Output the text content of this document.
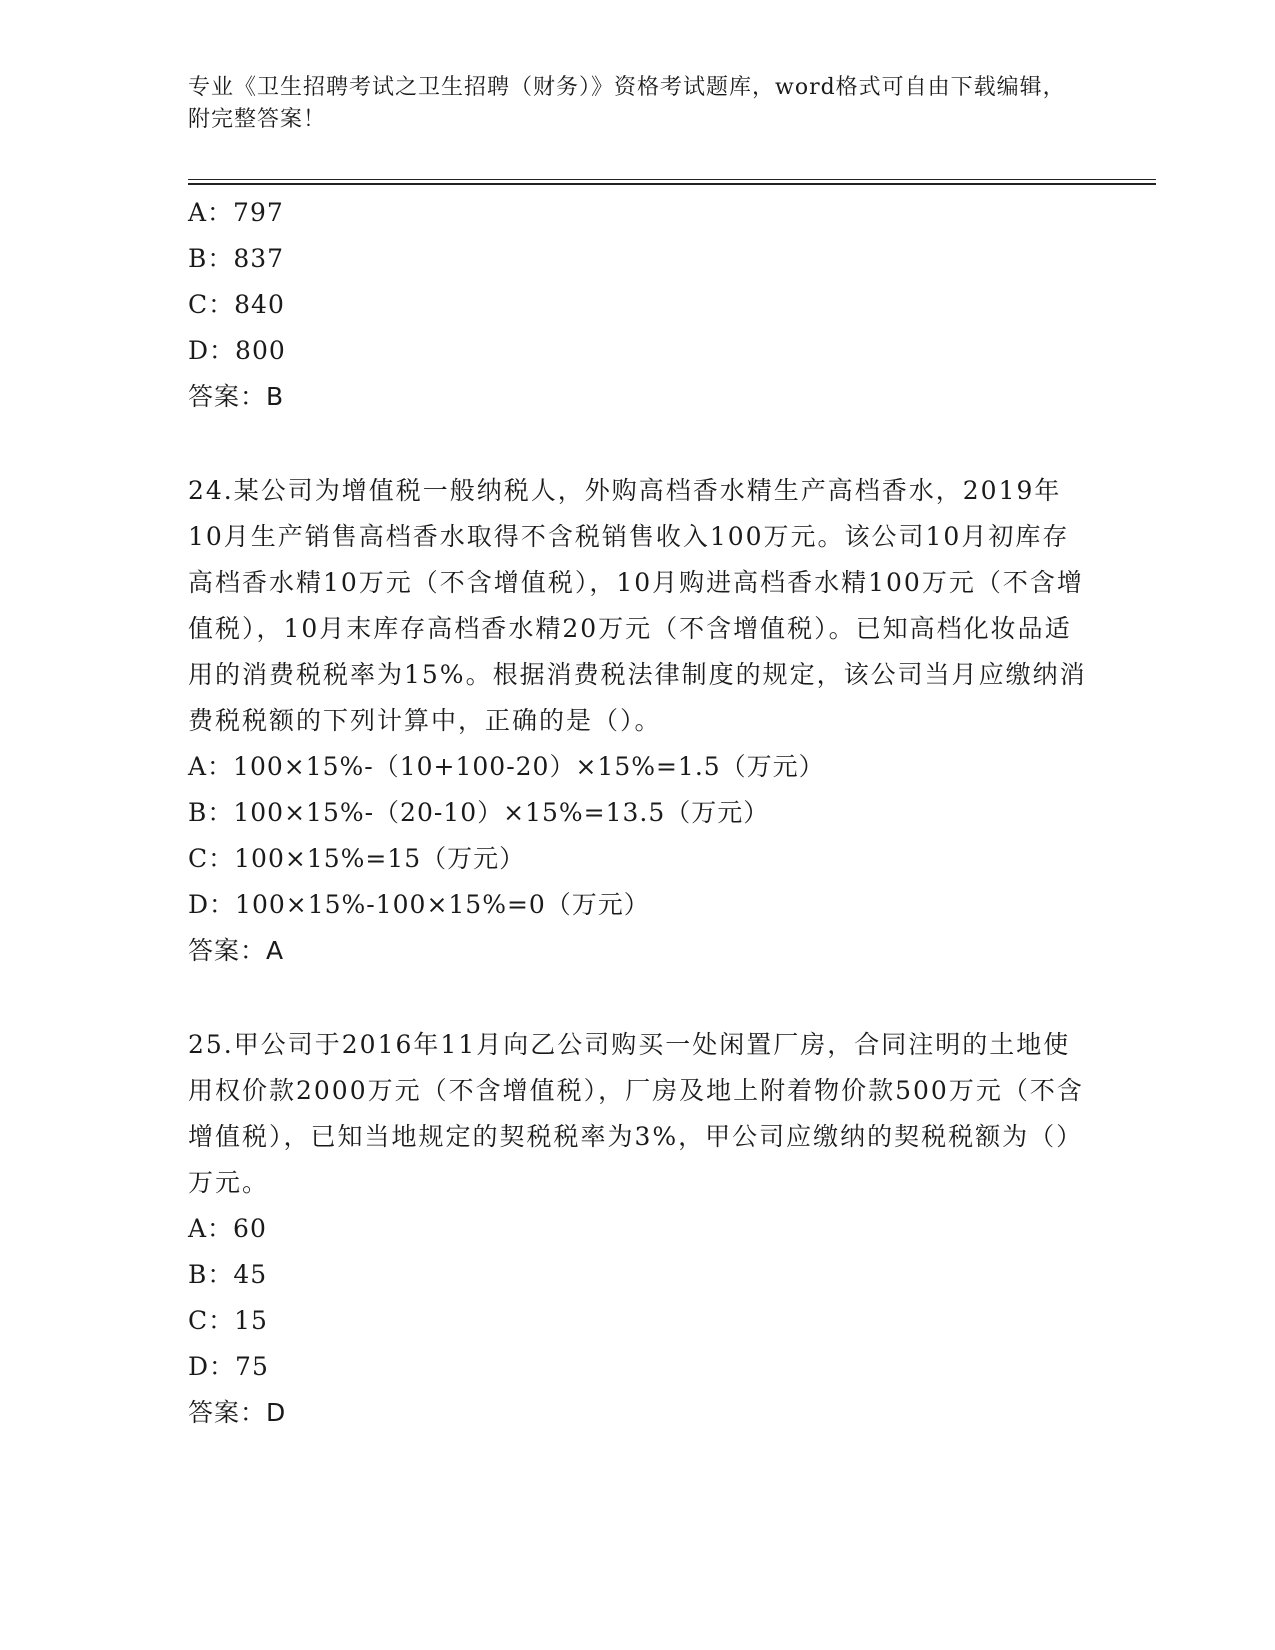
专业《卫生招聘考试之卫生招聘（财务）》资格考试题库，word格式可自由下载编辑，附完整答案！
A：797
B：837
C：840
D：800
答案：B
24.某公司为增值税一般纳税人，外购高档香水精生产高档香水，2019年10月生产销售高档香水取得不含税销售收入100万元。该公司10月初库存高档香水精10万元（不含增值税），10月购进高档香水精100万元（不含增值税），10月末库存高档香水精20万元（不含增值税）。已知高档化妆品适用的消费税税率为15%。根据消费税法律制度的规定，该公司当月应缴纳消费税税额的下列计算中，正确的是（）。
A：100×15%-（10+100-20）×15%=1.5（万元）
B：100×15%-（20-10）×15%=13.5（万元）
C：100×15%=15（万元）
D：100×15%-100×15%=0（万元）
答案：A
25.甲公司于2016年11月向乙公司购买一处闲置厂房，合同注明的土地使用权价款2000万元（不含增值税），厂房及地上附着物价款500万元（不含增值税），已知当地规定的契税税率为3%，甲公司应缴纳的契税税额为（）万元。
A：60
B：45
C：15
D：75
答案：D
